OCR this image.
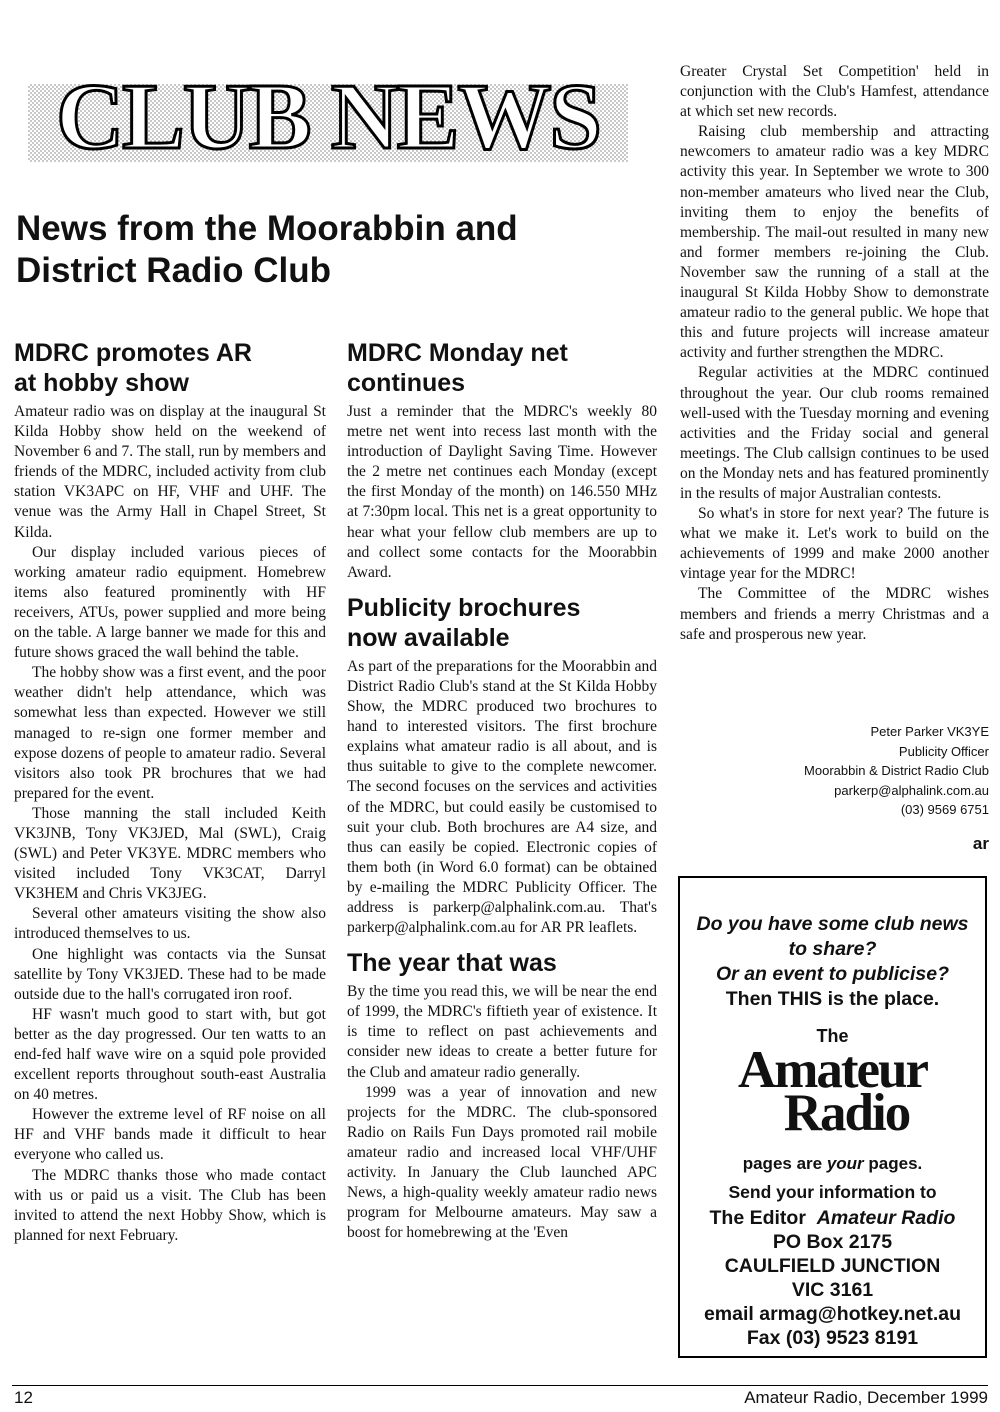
CLUB NEWS
News from the Moorabbin and
District Radio Club
MDRC promotes AR
at hobby show

Amateur radio was on display at the inaugural St Kilda Hobby show held on the weekend of November 6 and 7. The stall, run by members and friends of the MDRC, included activity from club station VK3APC on HF, VHF and UHF. The venue was the Army Hall in Chapel Street, St Kilda.

Our display included various pieces of working amateur radio equipment. Homebrew items also featured prominently with HF receivers, ATUs, power supplied and more being on the table. A large banner we made for this and future shows graced the wall behind the table.

The hobby show was a first event, and the poor weather didn't help attendance, which was somewhat less than expected. However we still managed to re-sign one former member and expose dozens of people to amateur radio. Several visitors also took PR brochures that we had prepared for the event.

Those manning the stall included Keith VK3JNB, Tony VK3JED, Mal (SWL), Craig (SWL) and Peter VK3YE. MDRC members who visited included Tony VK3CAT, Darryl VK3HEM and Chris VK3JEG.

Several other amateurs visiting the show also introduced themselves to us.

One highlight was contacts via the Sunsat satellite by Tony VK3JED. These had to be made outside due to the hall's corrugated iron roof.

HF wasn't much good to start with, but got better as the day progressed. Our ten watts to an end-fed half wave wire on a squid pole provided excellent reports throughout south-east Australia on 40 metres.

However the extreme level of RF noise on all HF and VHF bands made it difficult to hear everyone who called us.

The MDRC thanks those who made contact with us or paid us a visit. The Club has been invited to attend the next Hobby Show, which is planned for next February.

MDRC Monday net
continues

Just a reminder that the MDRC's weekly 80 metre net went into recess last month with the introduction of Daylight Saving Time. However the 2 metre net continues each Monday (except the first Monday of the month) on 146.550 MHz at 7:30pm local. This net is a great opportunity to hear what your fellow club members are up to and collect some contacts for the Moorabbin Award.

Publicity brochures
now available

As part of the preparations for the Moorabbin and District Radio Club's stand at the St Kilda Hobby Show, the MDRC produced two brochures to hand to interested visitors. The first brochure explains what amateur radio is all about, and is thus suitable to give to the complete newcomer. The second focuses on the services and activities of the MDRC, but could easily be customised to suit your club. Both brochures are A4 size, and thus can easily be copied. Electronic copies of them both (in Word 6.0 format) can be obtained by e-mailing the MDRC Publicity Officer. The address is parkerp@alphalink.com.au. That's parkerp@alphalink.com.au for AR PR leaflets.

The year that was

By the time you read this, we will be near the end of 1999, the MDRC's fiftieth year of existence. It is time to reflect on past achievements and consider new ideas to create a better future for the Club and amateur radio generally.

1999 was a year of innovation and new projects for the MDRC. The club-sponsored Radio on Rails Fun Days promoted rail mobile amateur radio and increased local VHF/UHF activity. In January the Club launched APC News, a high-quality weekly amateur radio news program for Melbourne amateurs. May saw a boost for homebrewing at the 'Even

Greater Crystal Set Competition' held in conjunction with the Club's Hamfest, attendance at which set new records.

Raising club membership and attracting newcomers to amateur radio was a key MDRC activity this year. In September we wrote to 300 non-member amateurs who lived near the Club, inviting them to enjoy the benefits of membership. The mail-out resulted in many new and former members re-joining the Club. November saw the running of a stall at the inaugural St Kilda Hobby Show to demonstrate amateur radio to the general public. We hope that this and future projects will increase amateur activity and further strengthen the MDRC.

Regular activities at the MDRC continued throughout the year. Our club rooms remained well-used with the Tuesday morning and evening activities and the Friday social and general meetings. The Club callsign continues to be used on the Monday nets and has featured prominently in the results of major Australian contests.

So what's in store for next year? The future is what we make it. Let's work to build on the achievements of 1999 and make 2000 another vintage year for the MDRC!

The Committee of the MDRC wishes members and friends a merry Christmas and a safe and prosperous new year.

Peter Parker VK3YE
Publicity Officer
Moorabbin & District Radio Club
parkerp@alphalink.com.au
(03) 9569 6751
ar
Do you have some club news
to share?
Or an event to publicise?
Then THIS is the place.
The
Amateur
Radio
pages are your pages.
Send your information to
The Editor Amateur Radio
PO Box 2175
CAULFIELD JUNCTION
VIC 3161
email armag@hotkey.net.au
Fax (03) 9523 8191
12	Amateur Radio, December 1999
